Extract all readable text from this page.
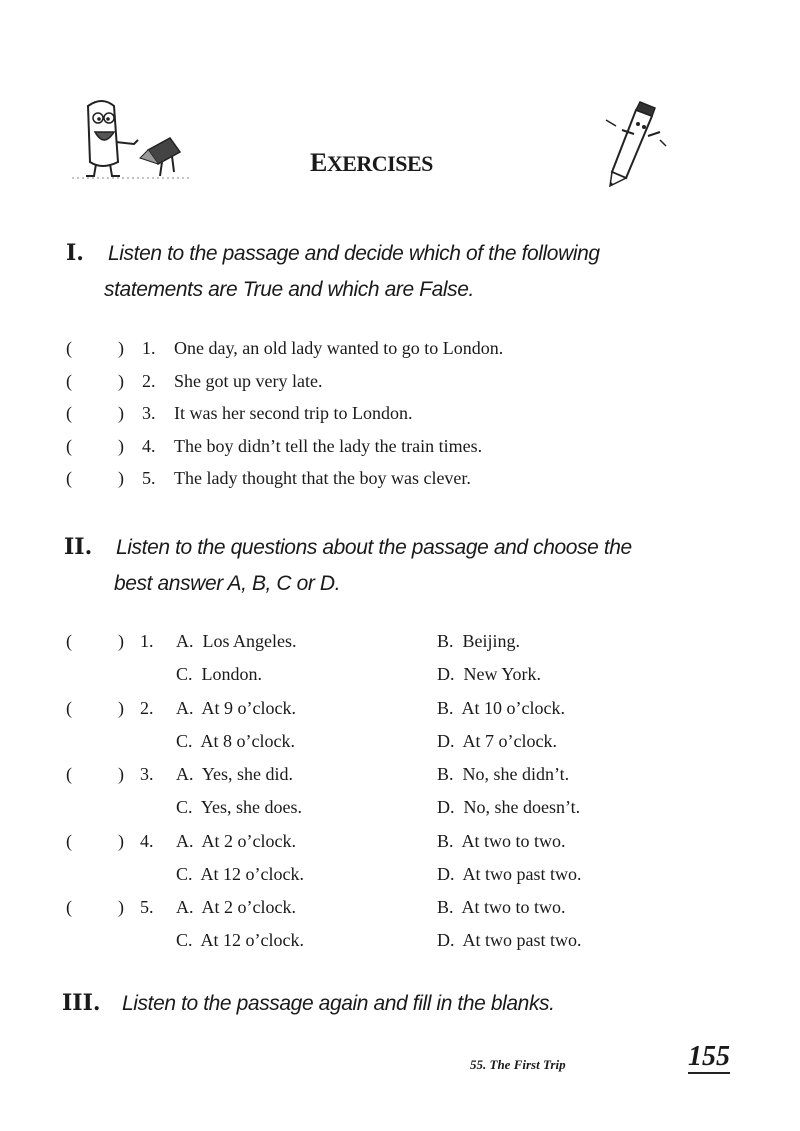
EXERCISES
I. Listen to the passage and decide which of the following
statements are True and which are False.
(	) 1. One day, an old lady wanted to go to London.
(	) 2. She got up very late.
(	) 3. It was her second trip to London.
(	) 4. The boy didn’t tell the lady the train times.
(	) 5. The lady thought that the boy was clever.
II. Listen to the questions about the passage and choose the
best answer A, B, C or D.
(	) 1. A.  Los Angeles.	B.  Beijing.
C.  London.	D.  New York.
(	) 2. A.  At 9 o’clock.	B.  At 10 o’clock.
C.  At 8 o’clock.	D.  At 7 o’clock.
(	) 3. A.  Yes, she did.	B.  No, she didn’t.
C.  Yes, she does.	D.  No, she doesn’t.
(	) 4. A.  At 2 o’clock.	B.  At two to two.
C.  At 12 o’clock.	D.  At two past two.
(	) 5. A.  At 2 o’clock.	B.  At two to two.
C.  At 12 o’clock.	D.  At two past two.
III. Listen to the passage again and fill in the blanks.
55. The First Trip	155
